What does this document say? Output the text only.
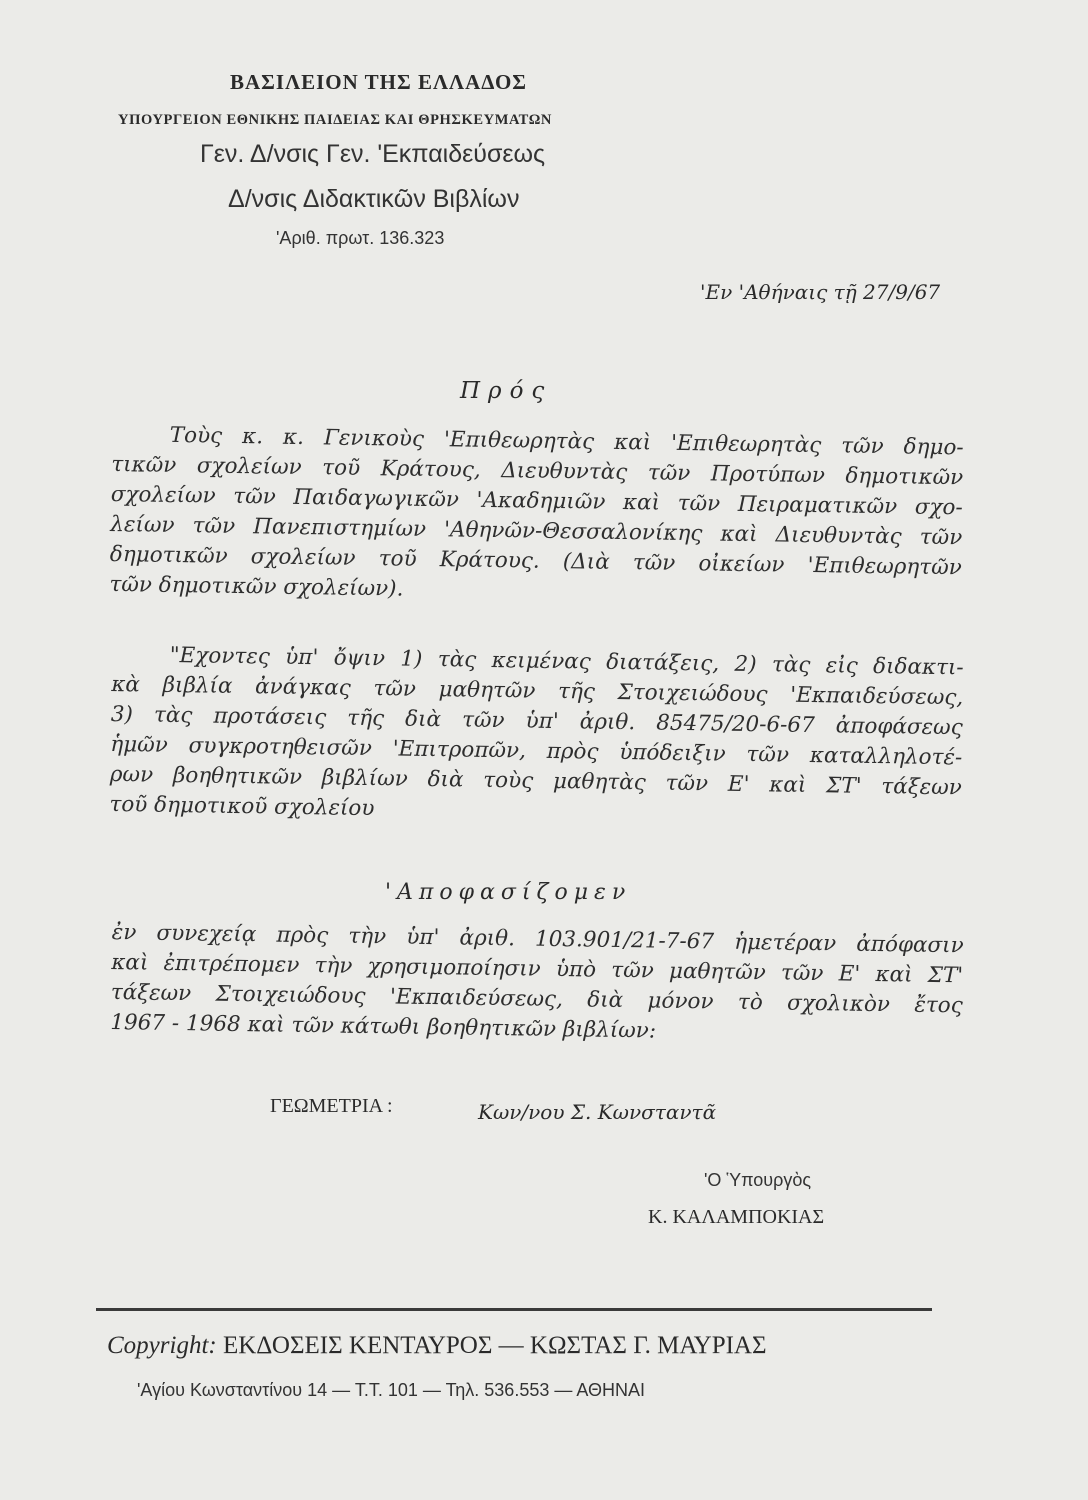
ΒΑΣΙΛΕΙΟΝ ΤΗΣ ΕΛΛΑΔΟΣ
ΥΠΟΥΡΓΕΙΟΝ ΕΘΝΙΚΗΣ ΠΑΙΔΕΙΑΣ ΚΑΙ ΘΡΗΣΚΕΥΜΑΤΩΝ
Γεν. Δ/νσις Γεν. 'Εκπαιδεύσεως
Δ/νσις Διδακτικῶν Βιβλίων
'Αριθ. πρωτ. 136.323
'Εν 'Αθήναις τῇ 27/9/67
Πρός
Τοὺς κ. κ. Γενικοὺς 'Επιθεωρητὰς καὶ 'Επιθεωρητὰς τῶν δημο-
τικῶν σχολείων τοῦ Κράτους, Διευθυντὰς τῶν Προτύπων δημοτικῶν
σχολείων τῶν Παιδαγωγικῶν 'Ακαδημιῶν καὶ τῶν Πειραματικῶν σχο-
λείων τῶν Πανεπιστημίων 'Αθηνῶν-Θεσσαλονίκης καὶ Διευθυντὰς τῶν
δημοτικῶν σχολείων τοῦ Κράτους. (Διὰ τῶν οἰκείων 'Επιθεωρητῶν
τῶν δημοτικῶν σχολείων).
"Εχοντες ὑπ' ὄψιν 1) τὰς κειμένας διατάξεις, 2) τὰς εἰς διδακτι-
κὰ βιβλία ἀνάγκας τῶν μαθητῶν τῆς Στοιχειώδους 'Εκπαιδεύσεως,
3) τὰς προτάσεις τῆς διὰ τῶν ὑπ' ἀριθ. 85475/20-6-67 ἀποφάσεως
ἡμῶν συγκροτηθεισῶν 'Επιτροπῶν, πρὸς ὑπόδειξιν τῶν καταλληλοτέ-
ρων βοηθητικῶν βιβλίων διὰ τοὺς μαθητὰς τῶν Ε' καὶ ΣΤ' τάξεων
τοῦ δημοτικοῦ σχολείου
'Αποφασίζομεν
ἐν συνεχείᾳ πρὸς τὴν ὑπ' ἀριθ. 103.901/21-7-67 ἡμετέραν ἀπόφασιν
καὶ ἐπιτρέπομεν τὴν χρησιμοποίησιν ὑπὸ τῶν μαθητῶν τῶν Ε' καὶ ΣΤ'
τάξεων Στοιχειώδους 'Εκπαιδεύσεως, διὰ μόνον τὸ σχολικὸν ἔτος
1967 - 1968 καὶ τῶν κάτωθι βοηθητικῶν βιβλίων:
ΓΕΩΜΕΤΡΙΑ :	Κων/νου Σ. Κωνσταντᾶ
'Ο Ὑπουργὸς
Κ. ΚΑΛΑΜΠΟΚΙΑΣ
Copyright: ΕΚΔΟΣΕΙΣ ΚΕΝΤΑΥΡΟΣ — ΚΩΣΤΑΣ Γ. ΜΑΥΡΙΑΣ
'Αγίου Κωνσταντίνου 14 — Τ.Τ. 101 — Τηλ. 536.553 — ΑΘΗΝΑΙ
